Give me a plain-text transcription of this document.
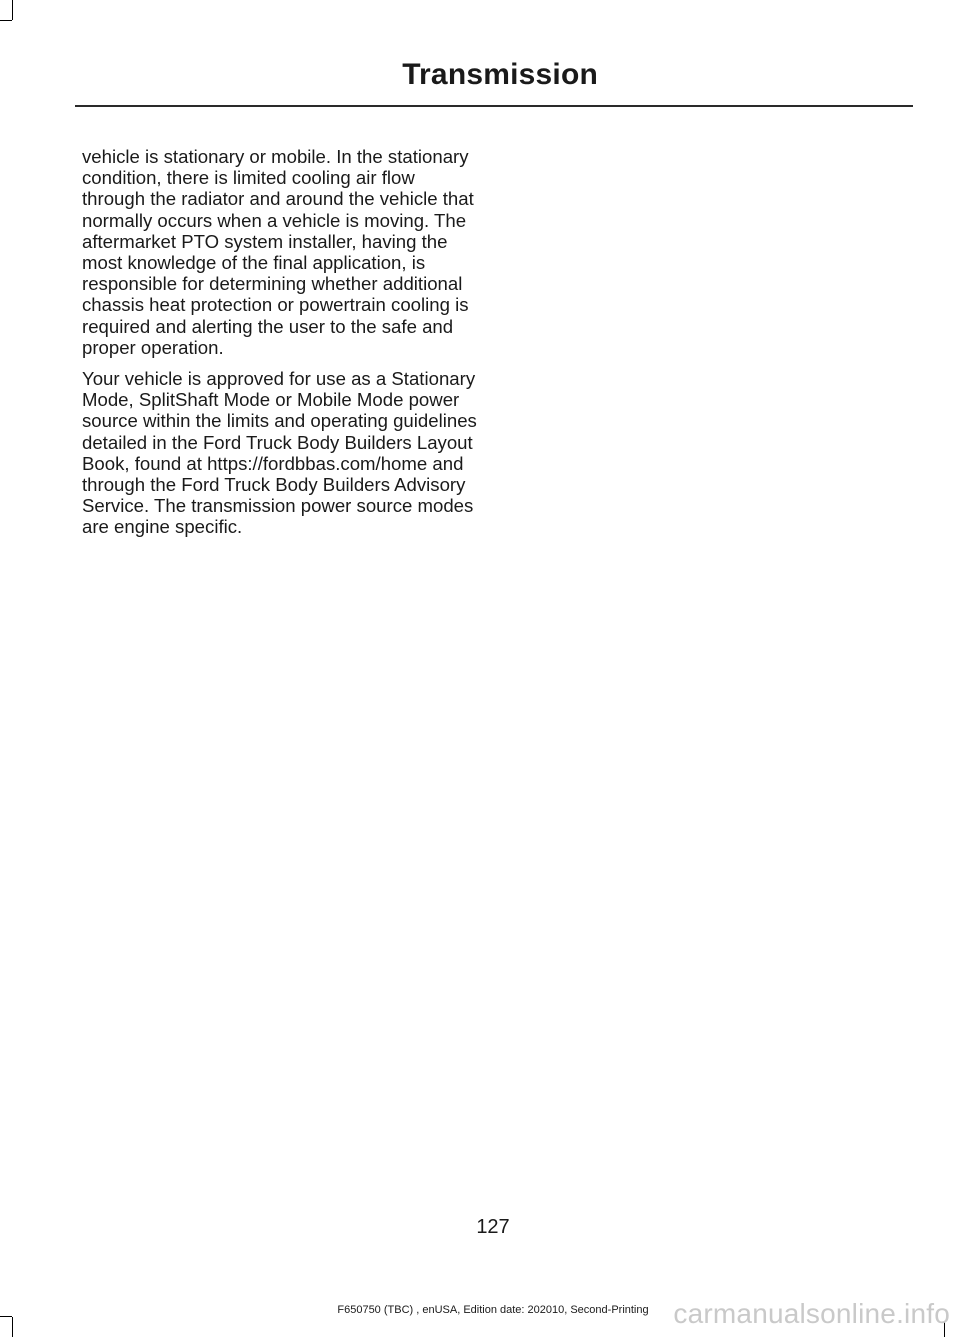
Transmission

vehicle is stationary or mobile. In the stationary condition, there is limited cooling air flow through the radiator and around the vehicle that normally occurs when a vehicle is moving. The aftermarket PTO system installer, having the most knowledge of the final application, is responsible for determining whether additional chassis heat protection or powertrain cooling is required and alerting the user to the safe and proper operation.

Your vehicle is approved for use as a Stationary Mode, SplitShaft Mode or Mobile Mode power source within the limits and operating guidelines detailed in the Ford Truck Body Builders Layout Book, found at https://fordbbas.com/home and through the Ford Truck Body Builders Advisory Service. The transmission power source modes are engine specific.

127
F650750 (TBC) , enUSA, Edition date: 202010, Second-Printing carmanualsonline.info
